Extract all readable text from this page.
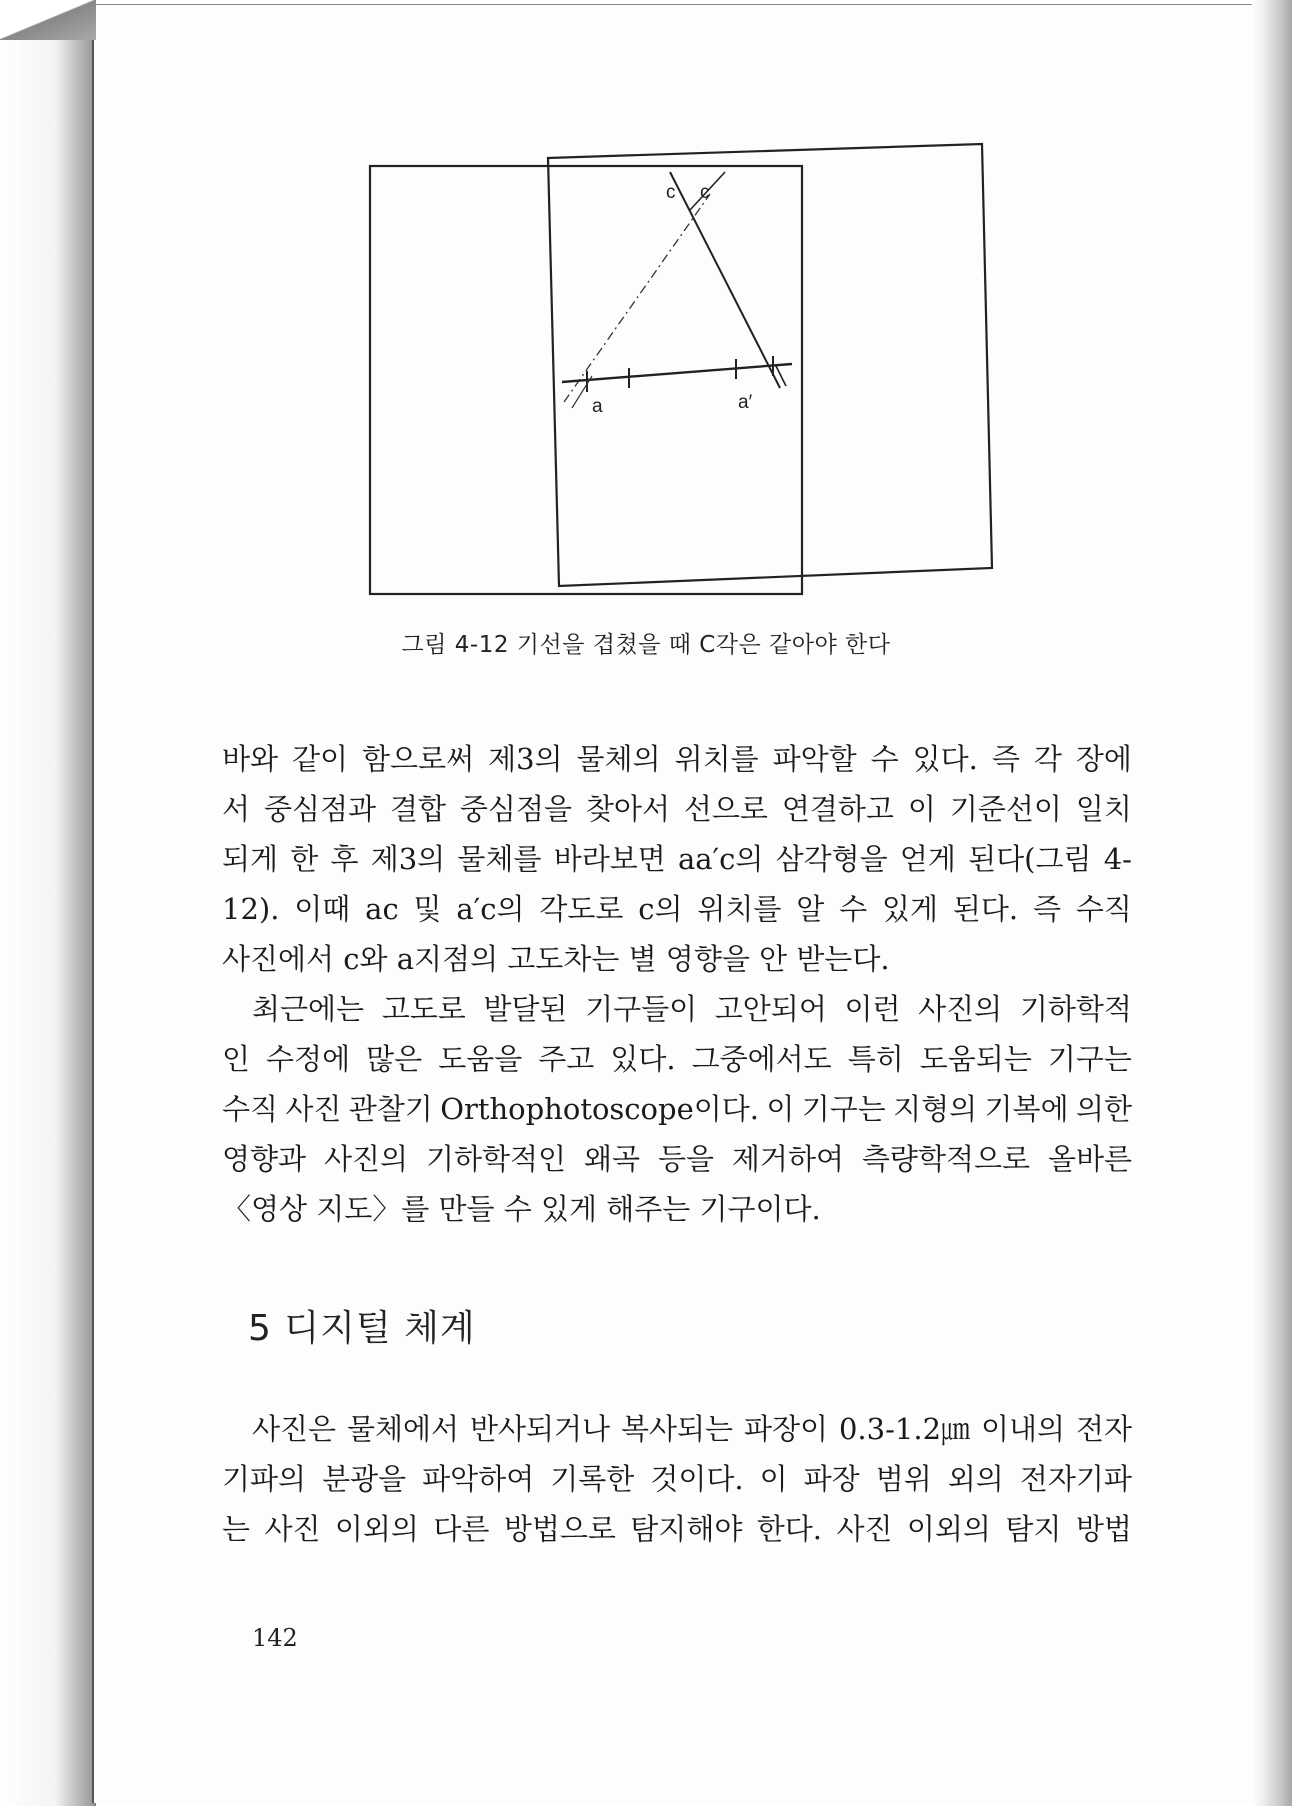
c c
a	a′
그림 4-12 기선을 겹쳤을 때 C각은 같아야 한다
바와 같이 함으로써 제3의 물체의 위치를 파악할 수 있다. 즉 각 장에
서 중심점과 결합 중심점을 찾아서 선으로 연결하고 이 기준선이 일치
되게 한 후 제3의 물체를 바라보면 aa′c의 삼각형을 얻게 된다(그림 4-
12). 이때 ac 및 a′c의 각도로 c의 위치를 알 수 있게 된다. 즉 수직
사진에서 c와 a지점의 고도차는 별 영향을 안 받는다.
최근에는 고도로 발달된 기구들이 고안되어 이런 사진의 기하학적
인 수정에 많은 도움을 주고 있다. 그중에서도 특히 도움되는 기구는
수직 사진 관찰기 Orthophotoscope이다. 이 기구는 지형의 기복에 의한
영향과 사진의 기하학적인 왜곡 등을 제거하여 측량학적으로 올바른
〈영상 지도〉를 만들 수 있게 해주는 기구이다.
5 디지털 체계
사진은 물체에서 반사되거나 복사되는 파장이 0.3-1.2㎛ 이내의 전자
기파의 분광을 파악하여 기록한 것이다. 이 파장 범위 외의 전자기파
는 사진 이외의 다른 방법으로 탐지해야 한다. 사진 이외의 탐지 방법
142
